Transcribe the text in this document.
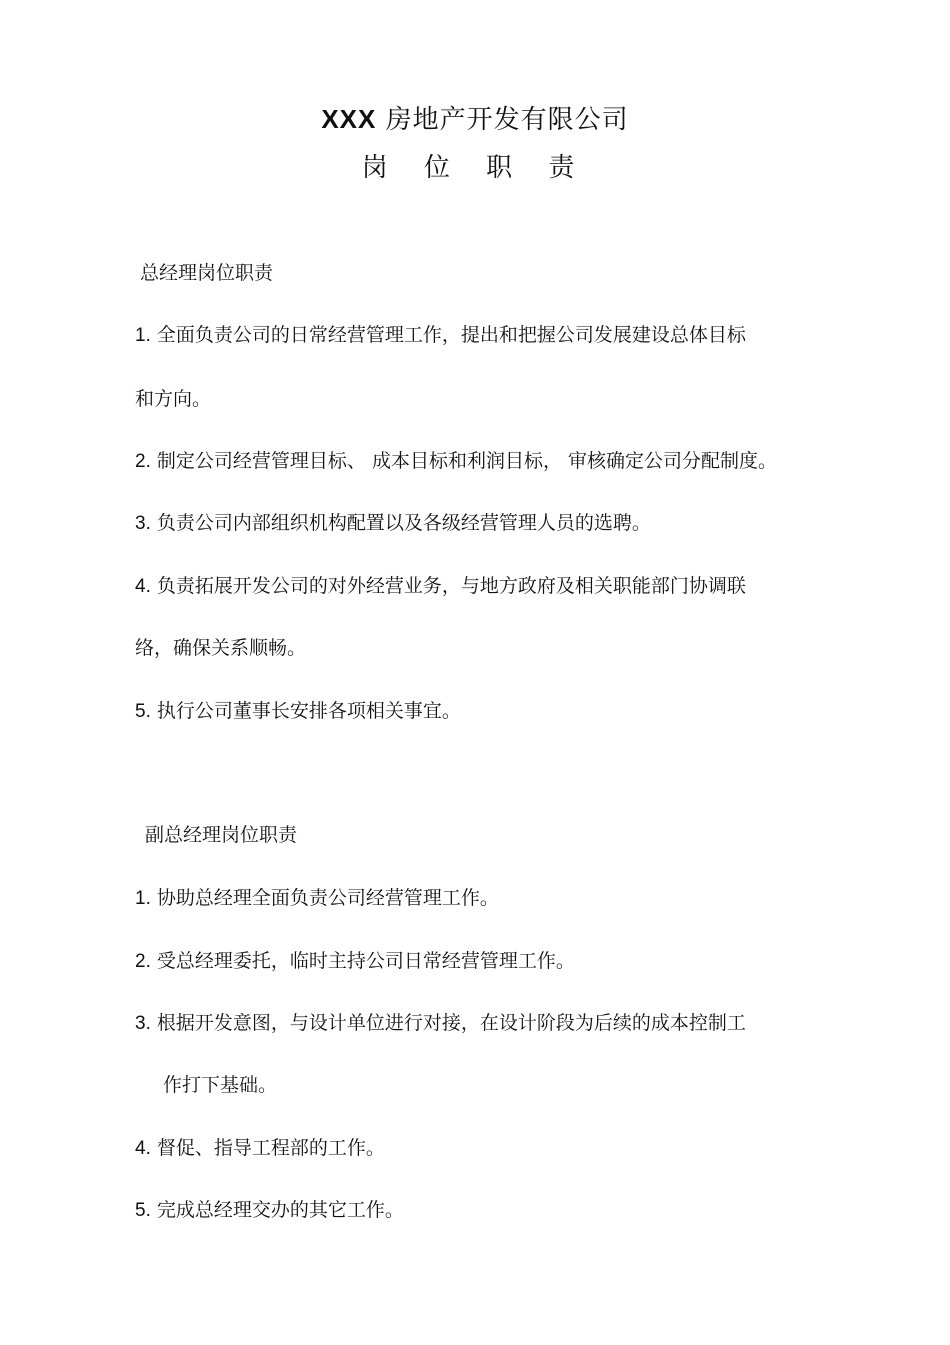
XXX 房地产开发有限公司
岗 位 职 责
总经理岗位职责
1. 全面负责公司的日常经营管理工作，提出和把握公司发展建设总体目标
和方向。
2. 制定公司经营管理目标、 成本目标和利润目标， 审核确定公司分配制度。
3. 负责公司内部组织机构配置以及各级经营管理人员的选聘。
4. 负责拓展开发公司的对外经营业务，与地方政府及相关职能部门协调联
络，确保关系顺畅。
5. 执行公司董事长安排各项相关事宜。
副总经理岗位职责
1. 协助总经理全面负责公司经营管理工作。
2. 受总经理委托，临时主持公司日常经营管理工作。
3. 根据开发意图，与设计单位进行对接，在设计阶段为后续的成本控制工
作打下基础。
4. 督促、指导工程部的工作。
5. 完成总经理交办的其它工作。
